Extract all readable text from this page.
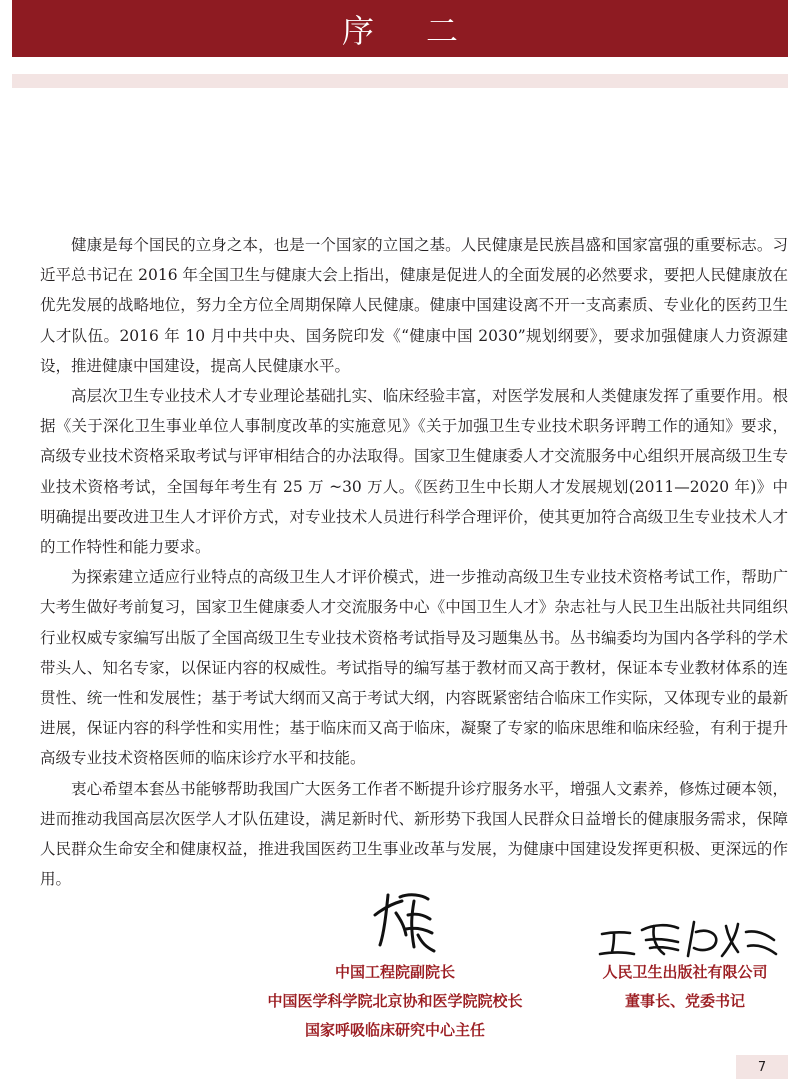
序二

健康是每个国民的立身之本，也是一个国家的立国之基。人民健康是民族昌盛和国家富强的重要标志。习近平总书记在 2016 年全国卫生与健康大会上指出，健康是促进人的全面发展的必然要求，要把人民健康放在优先发展的战略地位，努力全方位全周期保障人民健康。健康中国建设离不开一支高素质、专业化的医药卫生人才队伍。2016 年 10 月中共中央、国务院印发《“健康中国 2030”规划纲要》，要求加强健康人力资源建设，推进健康中国建设，提高人民健康水平。

高层次卫生专业技术人才专业理论基础扎实、临床经验丰富，对医学发展和人类健康发挥了重要作用。根据《关于深化卫生事业单位人事制度改革的实施意见》《关于加强卫生专业技术职务评聘工作的通知》要求，高级专业技术资格采取考试与评审相结合的办法取得。国家卫生健康委人才交流服务中心组织开展高级卫生专业技术资格考试，全国每年考生有 25 万 ~30 万人。《医药卫生中长期人才发展规划(2011—2020 年)》中明确提出要改进卫生人才评价方式，对专业技术人员进行科学合理评价，使其更加符合高级卫生专业技术人才的工作特性和能力要求。

为探索建立适应行业特点的高级卫生人才评价模式，进一步推动高级卫生专业技术资格考试工作，帮助广大考生做好考前复习，国家卫生健康委人才交流服务中心《中国卫生人才》杂志社与人民卫生出版社共同组织行业权威专家编写出版了全国高级卫生专业技术资格考试指导及习题集丛书。丛书编委均为国内各学科的学术带头人、知名专家，以保证内容的权威性。考试指导的编写基于教材而又高于教材，保证本专业教材体系的连贯性、统一性和发展性；基于考试大纲而又高于考试大纲，内容既紧密结合临床工作实际，又体现专业的最新进展，保证内容的科学性和实用性；基于临床而又高于临床，凝聚了专家的临床思维和临床经验，有利于提升高级专业技术资格医师的临床诊疗水平和技能。

衷心希望本套丛书能够帮助我国广大医务工作者不断提升诊疗服务水平，增强人文素养，修炼过硬本领，进而推动我国高层次医学人才队伍建设，满足新时代、新形势下我国人民群众日益增长的健康服务需求，保障人民群众生命安全和健康权益，推进我国医药卫生事业改革与发展，为健康中国建设发挥更积极、更深远的作用。

中国工程院副院长
中国医学科学院北京协和医学院院校长
国家呼吸临床研究中心主任
人民卫生出版社有限公司
董事长、党委书记
7
